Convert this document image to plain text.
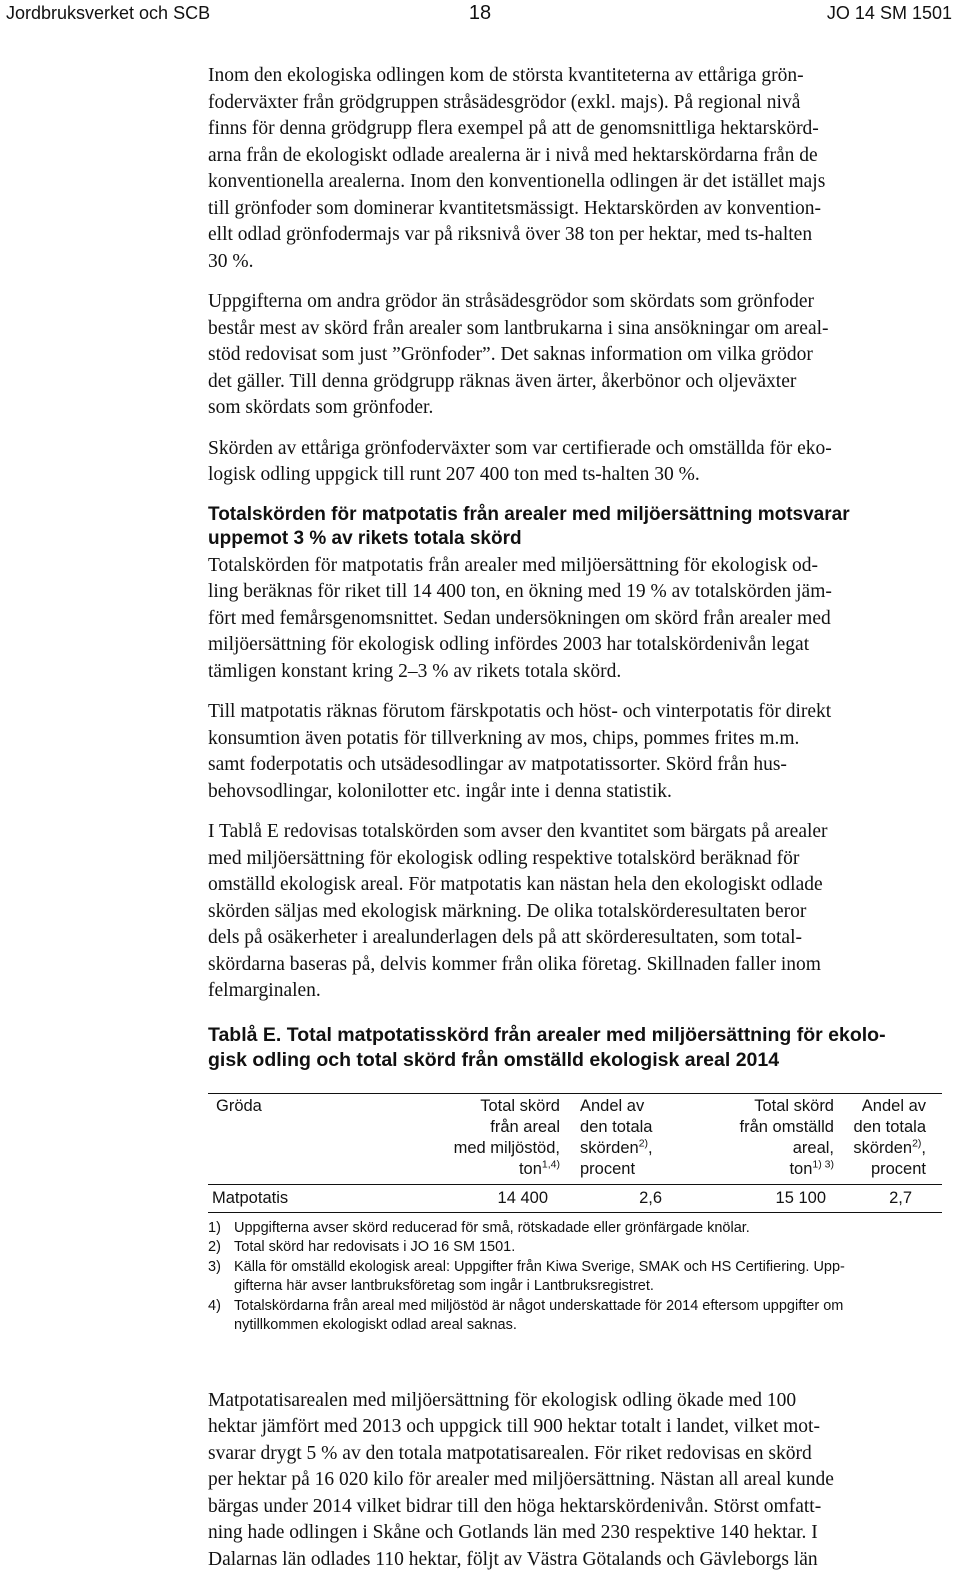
Jordbruksverket och SCB	18	JO 14 SM 1501

Inom den ekologiska odlingen kom de största kvantiteterna av ettåriga grön-
foderväxter från grödgruppen stråsädesgrödor (exkl. majs). På regional nivå
finns för denna grödgrupp flera exempel på att de genomsnittliga hektarskörd-
arna från de ekologiskt odlade arealerna är i nivå med hektarskördarna från de
konventionella arealerna. Inom den konventionella odlingen är det istället majs
till grönfoder som dominerar kvantitetsmässigt. Hektarskörden av konvention-
ellt odlad grönfodermajs var på riksnivå över 38 ton per hektar, med ts-halten
30 %.

Uppgifterna om andra grödor än stråsädesgrödor som skördats som grönfoder
består mest av skörd från arealer som lantbrukarna i sina ansökningar om areal-
stöd redovisat som just ”Grönfoder”. Det saknas information om vilka grödor
det gäller. Till denna grödgrupp räknas även ärter, åkerbönor och oljeväxter
som skördats som grönfoder.

Skörden av ettåriga grönfoderväxter som var certifierade och omställda för eko-
logisk odling uppgick till runt 207 400 ton med ts-halten 30 %.

Totalskörden för matpotatis från arealer med miljöersättning motsvarar
uppemot 3 % av rikets totala skörd

Totalskörden för matpotatis från arealer med miljöersättning för ekologisk od-
ling beräknas för riket till 14 400 ton, en ökning med 19 % av totalskörden jäm-
fört med femårsgenomsnittet. Sedan undersökningen om skörd från arealer med
miljöersättning för ekologisk odling infördes 2003 har totalskördenivån legat
tämligen konstant kring 2–3 % av rikets totala skörd.

Till matpotatis räknas förutom färskpotatis och höst- och vinterpotatis för direkt
konsumtion även potatis för tillverkning av mos, chips, pommes frites m.m.
samt foderpotatis och utsädesodlingar av matpotatissorter. Skörd från hus-
behovsodlingar, kolonilotter etc. ingår inte i denna statistik.

I Tablå E redovisas totalskörden som avser den kvantitet som bärgats på arealer
med miljöersättning för ekologisk odling respektive totalskörd beräknad för
omställd ekologisk areal. För matpotatis kan nästan hela den ekologiskt odlade
skörden säljas med ekologisk märkning. De olika totalskörderesultaten beror
dels på osäkerheter i arealunderlagen dels på att skörderesultaten, som total-
skördarna baseras på, delvis kommer från olika företag. Skillnaden faller inom
felmarginalen.

Tablå E. Total matpotatisskörd från arealer med miljöersättning för ekolo-
gisk odling och total skörd från omställd ekologisk areal 2014
Gröda	Total skörd
från areal
med miljöstöd,
ton$^{1,4)}$	Andel av
den totala
skörden$^{2)}$,
procent	Total skörd
från omställd
areal,
ton$^{1) 3)}$	Andel av
den totala
skörden$^{2)}$,
procent

Matpotatis	14 400	2,6	15 100	2,7
1) Uppgifterna avser skörd reducerad för små, rötskadade eller grönfärgade knölar.
2) Total skörd har redovisats i JO 16 SM 1501.
3) Källa för omställd ekologisk areal: Uppgifter från Kiwa Sverige, SMAK och HS Certifiering. Upp-
gifterna här avser lantbruksföretag som ingår i Lantbruksregistret.
4) Totalskördarna från areal med miljöstöd är något underskattade för 2014 eftersom uppgifter om
nytillkommen ekologiskt odlad areal saknas.

Matpotatisarealen med miljöersättning för ekologisk odling ökade med 100
hektar jämfört med 2013 och uppgick till 900 hektar totalt i landet, vilket mot-
svarar drygt 5 % av den totala matpotatisarealen. För riket redovisas en skörd
per hektar på 16 020 kilo för arealer med miljöersättning. Nästan all areal kunde
bärgas under 2014 vilket bidrar till den höga hektarskördenivån. Störst omfatt-
ning hade odlingen i Skåne och Gotlands län med 230 respektive 140 hektar. I
Dalarnas län odlades 110 hektar, följt av Västra Götalands och Gävleborgs län
